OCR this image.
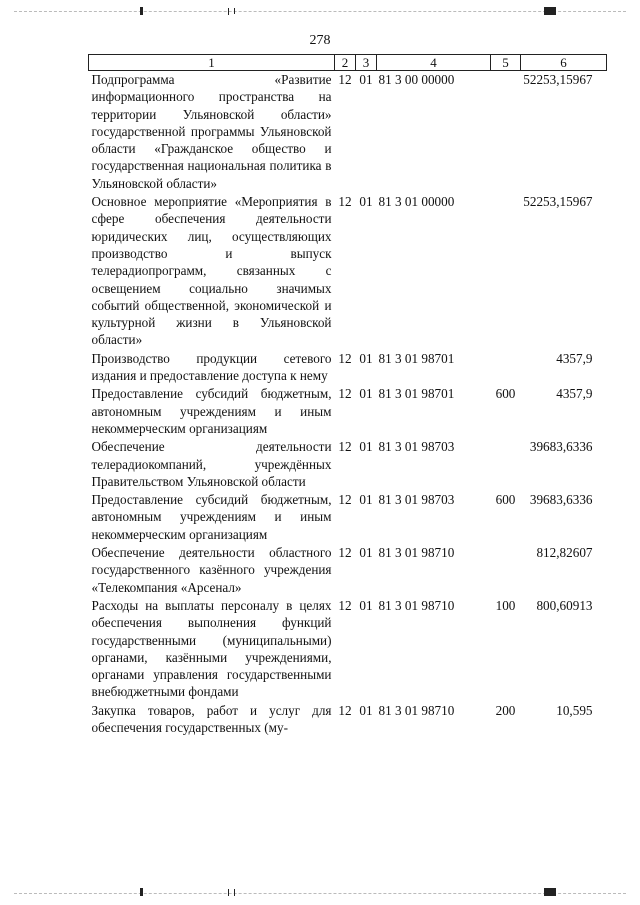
278
1	2	3	4	5	6
Подпрограмма «Развитие информационного пространства на территории Ульяновской области» государственной программы Ульяновской области «Гражданское общество и государственная национальная политика в Ульяновской области»	12	01	81 3 00 00000		52253,15967
Основное мероприятие «Мероприятия в сфере обеспечения деятельности юридических лиц, осуществляющих производство и выпуск телерадиопрограмм, связанных с освещением социально значимых событий общественной, экономической и культурной жизни в Ульяновской области»	12	01	81 3 01 00000		52253,15967
Производство продукции сетевого издания и предоставление доступа к нему	12	01	81 3 01 98701		4357,9
Предоставление субсидий бюджетным, автономным учреждениям и иным некоммерческим организациям	12	01	81 3 01 98701	600	4357,9
Обеспечение деятельности телерадиокомпаний, учреждённых Правительством Ульяновской области	12	01	81 3 01 98703		39683,6336
Предоставление субсидий бюджетным, автономным учреждениям и иным некоммерческим организациям	12	01	81 3 01 98703	600	39683,6336
Обеспечение деятельности областного государственного казённого учреждения «Телекомпания «Арсенал»	12	01	81 3 01 98710		812,82607
Расходы на выплаты персоналу в целях обеспечения выполнения функций государственными (муниципальными) органами, казёнными учреждениями, органами управления государственными внебюджетными фондами	12	01	81 3 01 98710	100	800,60913
Закупка товаров, работ и услуг для обеспечения государственных (му-	12	01	81 3 01 98710	200	10,595
